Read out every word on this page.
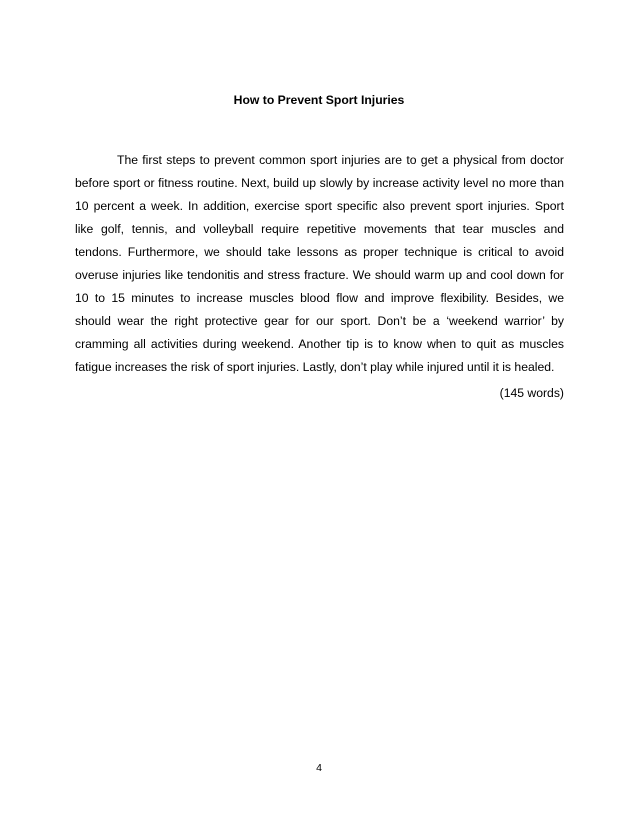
How to Prevent Sport Injuries

The first steps to prevent common sport injuries are to get a physical from doctor before sport or fitness routine. Next, build up slowly by increase activity level no more than 10 percent a week. In addition, exercise sport specific also prevent sport injuries. Sport like golf, tennis, and volleyball require repetitive movements that tear muscles and tendons. Furthermore, we should take lessons as proper technique is critical to avoid overuse injuries like tendonitis and stress fracture. We should warm up and cool down for 10 to 15 minutes to increase muscles blood flow and improve flexibility. Besides, we should wear the right protective gear for our sport. Don’t be a ‘weekend warrior’ by cramming all activities during weekend. Another tip is to know when to quit as muscles fatigue increases the risk of sport injuries. Lastly, don’t play while injured until it is healed.

(145 words)
4
